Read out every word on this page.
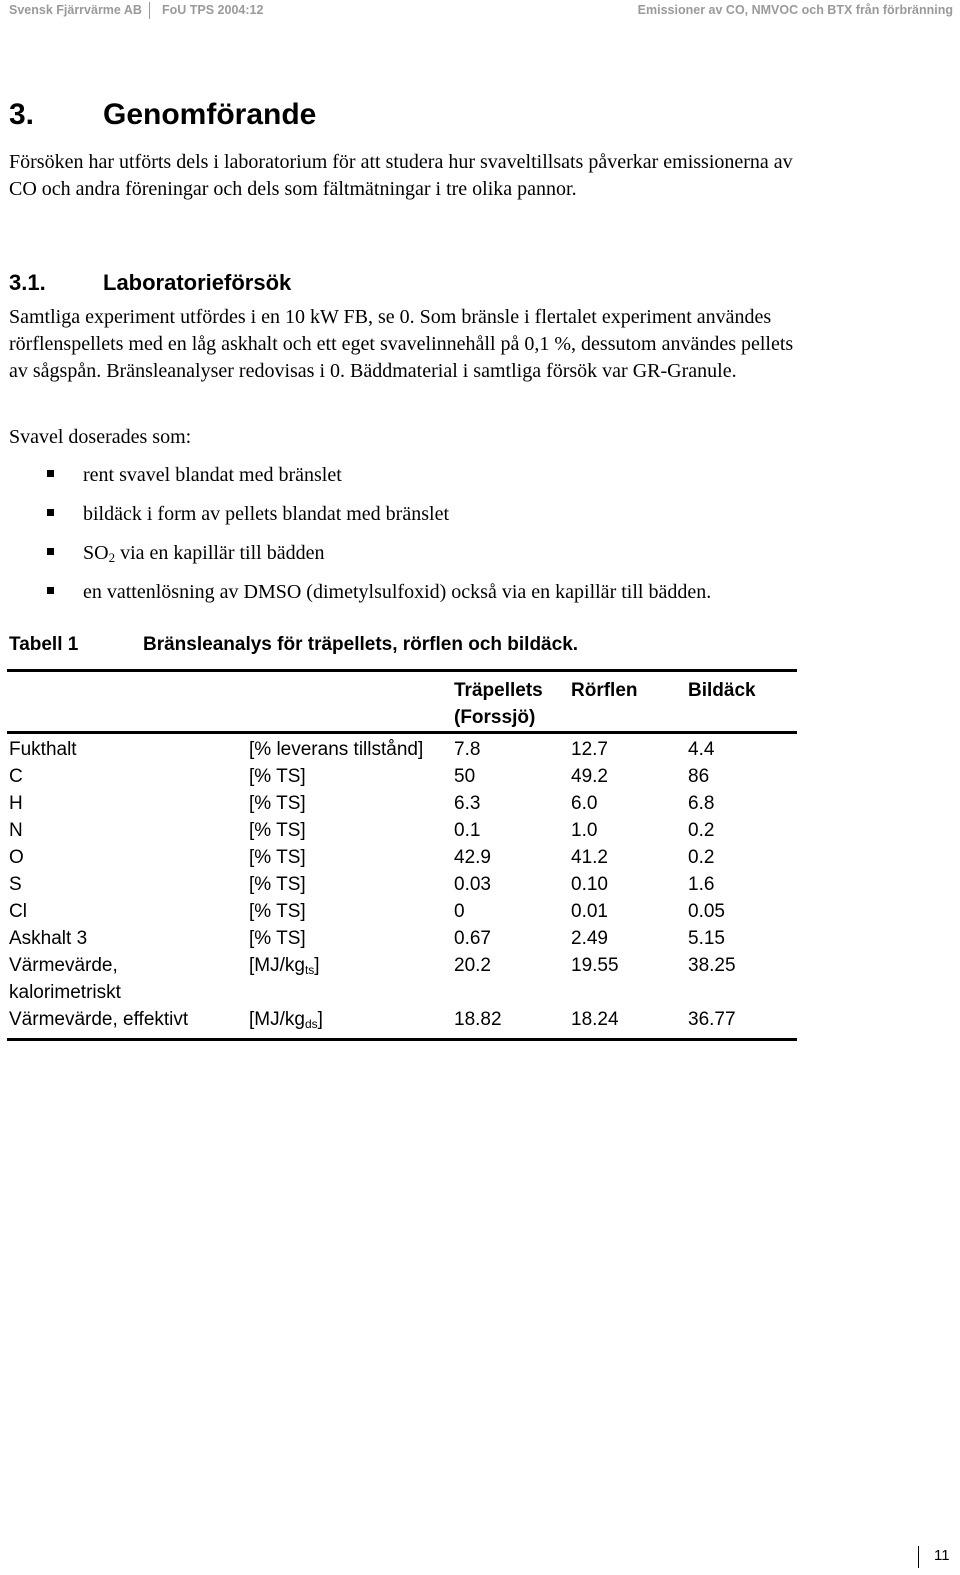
Svensk Fjärrvärme AB FoU TPS 2004:12	Emissioner av CO, NMVOC och BTX från förbränning
3. Genomförande

Försöken har utförts dels i laboratorium för att studera hur svaveltillsats påverkar emissionerna av CO och andra föreningar och dels som fältmätningar i tre olika pannor.

3.1.	Laboratorieförsök

Samtliga experiment utfördes i en 10 kW FB, se 0. Som bränsle i flertalet experiment användes rörflenspellets med en låg askhalt och ett eget svavelinnehåll på 0,1 %, dessutom användes pellets av sågspån. Bränsleanalyser redovisas i 0. Bäddmaterial i samtliga försök var GR-Granule.

Svavel doserades som:

rent svavel blandat med bränslet
bildäck i form av pellets blandat med bränslet
$SO_2$ via en kapillär till bädden
en vattenlösning av DMSO (dimetylsulfoxid) också via en kapillär till bädden.
Tabell 1	Bränsleanalys för träpellets, rörflen och bildäck.
		Träpellets (Forssjö)	Rörflen	Bildäck
Fukthalt	[% leverans tillstånd]	7.8	12.7	4.4
C	[% TS]	50	49.2	86
H	[% TS]	6.3	6.0	6.8
N	[% TS]	0.1	1.0	0.2
O	[% TS]	42.9	41.2	0.2
S	[% TS]	0.03	0.10	1.6
Cl	[% TS]	0	0.01	0.05
Askhalt 3	[% TS]	0.67	2.49	5.15
Värmevärde, kalorimetriskt	$[MJ/kg_{ts}]$	20.2	19.55	38.25
Värmevärde, effektivt	$[MJ/kg_{ds}]$	18.82	18.24	36.77
11
